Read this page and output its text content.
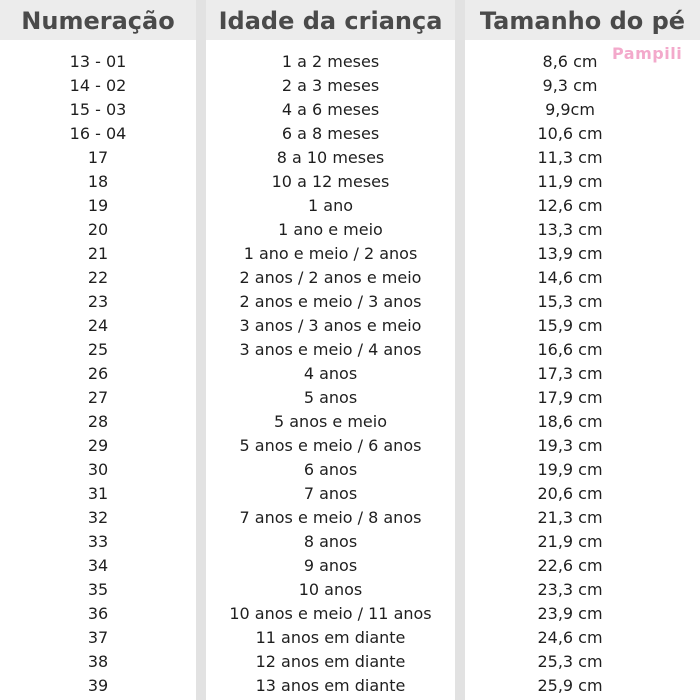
Numeração	Idade da criança	Tamanho do pé
Pampili
13 - 01	1 a 2 meses	8,6 cm
14 - 02	2 a 3 meses	9,3 cm
15 - 03	4 a 6 meses	9,9cm
16 - 04	6 a 8 meses	10,6 cm
17	8 a 10 meses	11,3 cm
18	10 a 12 meses	11,9 cm
19	1 ano	12,6 cm
20	1 ano e meio	13,3 cm
21	1 ano e meio / 2 anos	13,9 cm
22	2 anos / 2 anos e meio	14,6 cm
23	2 anos e meio / 3 anos	15,3 cm
24	3 anos / 3 anos e meio	15,9 cm
25	3 anos e meio / 4 anos	16,6 cm
26	4 anos	17,3 cm
27	5 anos	17,9 cm
28	5 anos e meio	18,6 cm
29	5 anos e meio / 6 anos	19,3 cm
30	6 anos	19,9 cm
31	7 anos	20,6 cm
32	7 anos e meio / 8 anos	21,3 cm
33	8 anos	21,9 cm
34	9 anos	22,6 cm
35	10 anos	23,3 cm
36	10 anos e meio / 11 anos	23,9 cm
37	11 anos em diante	24,6 cm
38	12 anos em diante	25,3 cm
39	13 anos em diante	25,9 cm
